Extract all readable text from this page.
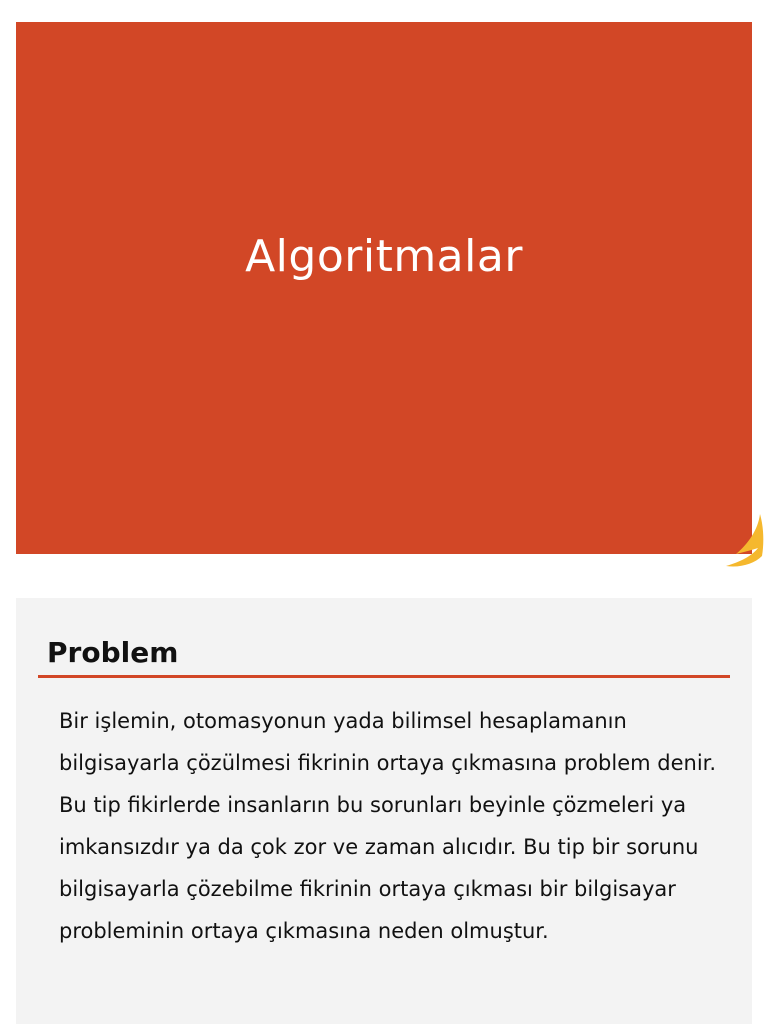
Algoritmalar
Problem
Bir işlemin, otomasyonun yada bilimsel hesaplamanın bilgisayarla çözülmesi fikrinin ortaya çıkmasına problem denir. Bu tip fikirlerde insanların bu sorunları beyinle çözmeleri ya imkansızdır ya da çok zor ve zaman alıcıdır. Bu tip bir sorunu bilgisayarla çözebilme fikrinin ortaya çıkması bir bilgisayar probleminin ortaya çıkmasına neden olmuştur.
